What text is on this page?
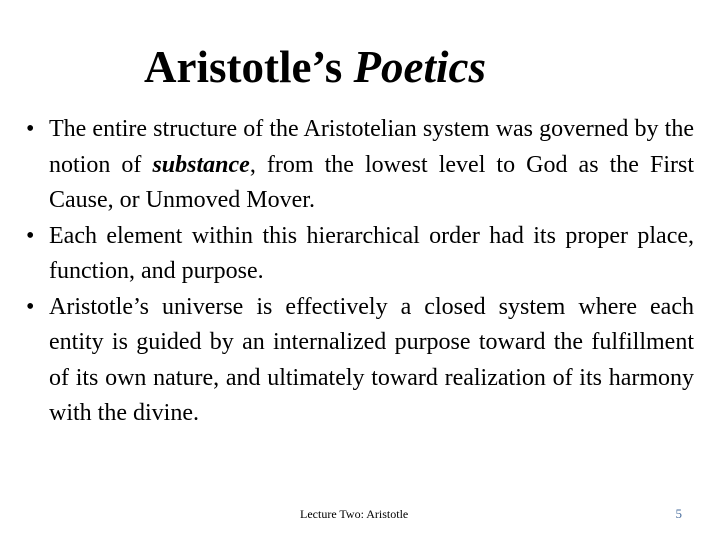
Aristotle’s Poetics
• The entire structure of the Aristotelian system was governed by the notion of substance, from the lowest level to God as the First Cause, or Unmoved Mover.
• Each element within this hierarchical order had its proper place, function, and purpose.
• Aristotle’s universe is effectively a closed system where each entity is guided by an internalized purpose toward the fulfillment of its own nature, and ultimately toward realization of its harmony with the divine.
Lecture Two: Aristotle	5
